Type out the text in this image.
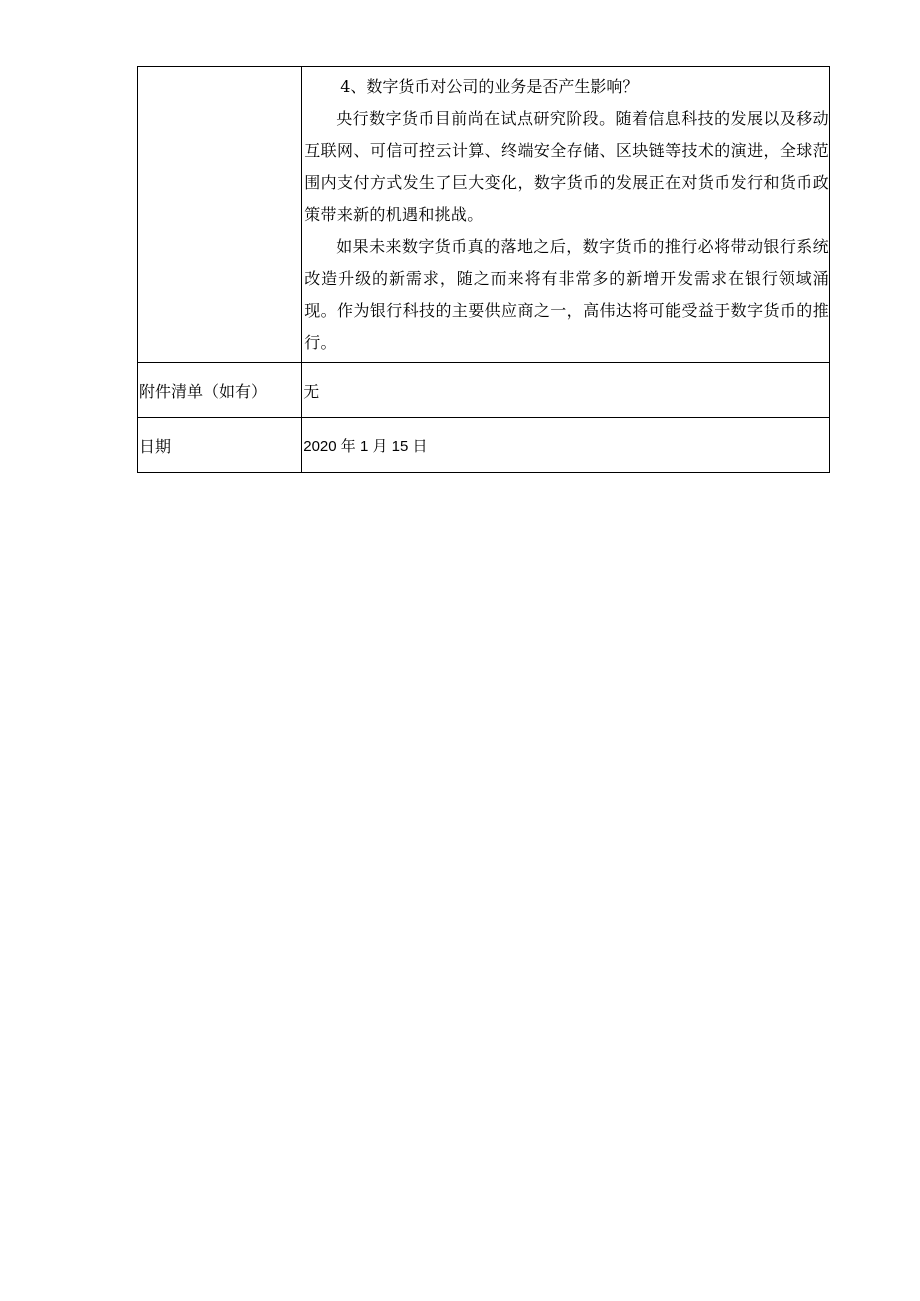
	4、数字货币对公司的业务是否产生影响？

央行数字货币目前尚在试点研究阶段。随着信息科技的发展以及移动互联网、可信可控云计算、终端安全存储、区块链等技术的演进，全球范围内支付方式发生了巨大变化，数字货币的发展正在对货币发行和货币政策带来新的机遇和挑战。

如果未来数字货币真的落地之后，数字货币的推行必将带动银行系统改造升级的新需求，随之而来将有非常多的新增开发需求在银行领域涌现。作为银行科技的主要供应商之一，高伟达将可能受益于数字货币的推行。

附件清单（如有）	无
日期	2020 年 1 月 15 日
